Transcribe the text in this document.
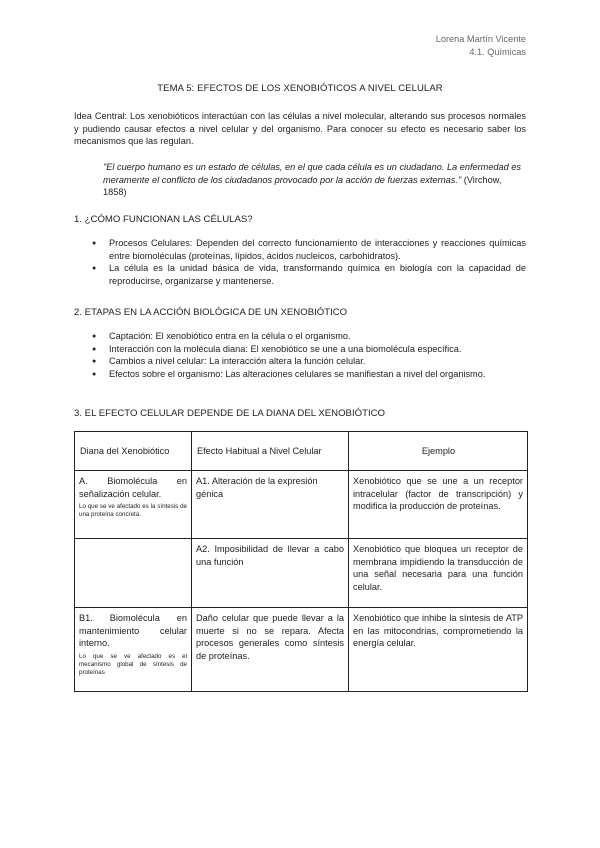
Lorena Martín Vicente
4.1. Químicas
TEMA 5: EFECTOS DE LOS XENOBIÓTICOS A NIVEL CELULAR
Idea Central: Los xenobióticos interactúan con las células a nivel molecular, alterando sus procesos normales y pudiendo causar efectos a nivel celular y del organismo. Para conocer su efecto es necesario saber los mecanismos que las regulan.
"El cuerpo humano es un estado de células, en el que cada célula es un ciudadano. La enfermedad es meramente el conflicto de los ciudadanos provocado por la acción de fuerzas externas." (Virchow, 1858)
1. ¿CÓMO FUNCIONAN LAS CÉLULAS?
● Procesos Celulares: Dependen del correcto funcionamiento de interacciones y reacciones químicas entre biomoléculas (proteínas, lípidos, ácidos nucleicos, carbohidratos).
● La célula es la unidad básica de vida, transformando química en biología con la capacidad de reproducirse, organizarse y mantenerse.
2. ETAPAS EN LA ACCIÓN BIOLÓGICA DE UN XENOBIÓTICO
● Captación: El xenobiótico entra en la célula o el organismo.
● Interacción con la molécula diana: El xenobiótico se une a una biomolécula específica.
● Cambios a nivel celular: La interacción altera la función celular.
● Efectos sobre el organismo: Las alteraciones celulares se manifiestan a nivel del organismo.
3. EL EFECTO CELULAR DEPENDE DE LA DIANA DEL XENOBIÓTICO
Diana del Xenobiótico	Efecto Habitual a Nivel Celular	Ejemplo

A. Biomolécula en señalización celular.
Lo que se ve afectado es la síntesis de una proteína concreta.	A1. Alteración de la expresión génica	Xenobiótico que se une a un receptor intracelular (factor de transcripción) y modifica la producción de proteínas.
	A2. Imposibilidad de llevar a cabo una función	Xenobiótico que bloquea un receptor de membrana impidiendo la transducción de una señal necesaria para una función celular.

B1. Biomolécula en mantenimiento celular interno.
Lo que se ve afectado es el mecanismo global de síntesis de proteínas	Daño celular que puede llevar a la muerte si no se repara. Afecta procesos generales como síntesis de proteínas.	Xenobiótico que inhibe la síntesis de ATP en las mitocondrias, comprometiendo la energía celular.
